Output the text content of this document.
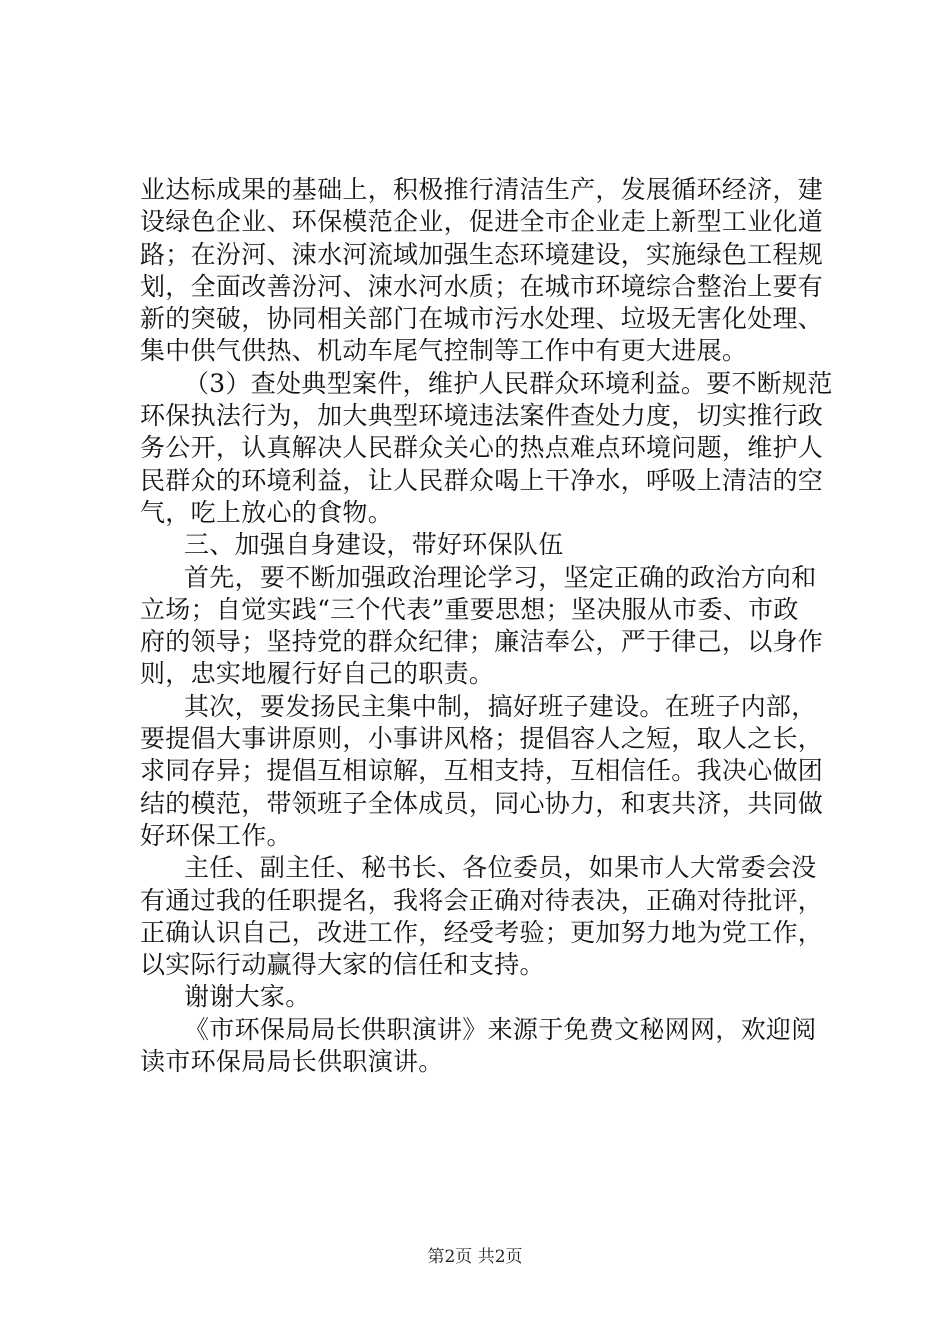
业达标成果的基础上，积极推行清洁生产，发展循环经济，建

设绿色企业、环保模范企业，促进全市企业走上新型工业化道

路；在汾河、涑水河流域加强生态环境建设，实施绿色工程规

划，全面改善汾河、涑水河水质；在城市环境综合整治上要有

新的突破，协同相关部门在城市污水处理、垃圾无害化处理、

集中供气供热、机动车尾气控制等工作中有更大进展。

（3）查处典型案件，维护人民群众环境利益。要不断规范

环保执法行为，加大典型环境违法案件查处力度，切实推行政

务公开，认真解决人民群众关心的热点难点环境问题，维护人

民群众的环境利益，让人民群众喝上干净水，呼吸上清洁的空

气，吃上放心的食物。

三、加强自身建设，带好环保队伍

首先，要不断加强政治理论学习，坚定正确的政治方向和

立场；自觉实践“三个代表”重要思想；坚决服从市委、市政

府的领导；坚持党的群众纪律；廉洁奉公，严于律己，以身作

则，忠实地履行好自己的职责。

其次，要发扬民主集中制，搞好班子建设。在班子内部，

要提倡大事讲原则，小事讲风格；提倡容人之短，取人之长，

求同存异；提倡互相谅解，互相支持，互相信任。我决心做团

结的模范，带领班子全体成员，同心协力，和衷共济，共同做

好环保工作。

主任、副主任、秘书长、各位委员，如果市人大常委会没

有通过我的任职提名，我将会正确对待表决，正确对待批评，

正确认识自己，改进工作，经受考验；更加努力地为党工作，

以实际行动赢得大家的信任和支持。

谢谢大家。

《市环保局局长供职演讲》来源于免费文秘网网，欢迎阅

读市环保局局长供职演讲。

第2页 共2页
